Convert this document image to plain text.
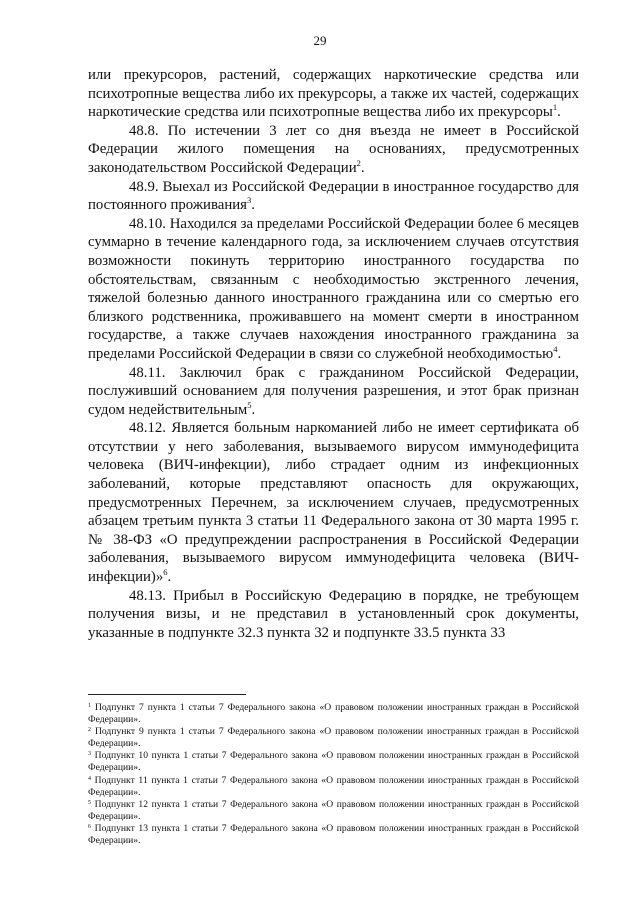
29

или прекурсоров, растений, содержащих наркотические средства или психотропные вещества либо их прекурсоры, а также их частей, содержащих наркотические средства или психотропные вещества либо их прекурсоры$^1$.

48.8. По истечении 3 лет со дня въезда не имеет в Российской Федерации жилого помещения на основаниях, предусмотренных законодательством Российской Федерации$^2$.

48.9. Выехал из Российской Федерации в иностранное государство для постоянного проживания$^3$.

48.10. Находился за пределами Российской Федерации более 6 месяцев суммарно в течение календарного года, за исключением случаев отсутствия возможности покинуть территорию иностранного государства по обстоятельствам, связанным с необходимостью экстренного лечения, тяжелой болезнью данного иностранного гражданина или со смертью его близкого родственника, проживавшего на момент смерти в иностранном государстве, а также случаев нахождения иностранного гражданина за пределами Российской Федерации в связи со служебной необходимостью$^4$.

48.11. Заключил брак с гражданином Российской Федерации, послуживший основанием для получения разрешения, и этот брак признан судом недействительным$^5$.

48.12. Является больным наркоманией либо не имеет сертификата об отсутствии у него заболевания, вызываемого вирусом иммунодефицита человека (ВИЧ-инфекции), либо страдает одним из инфекционных заболеваний, которые представляют опасность для окружающих, предусмотренных Перечнем, за исключением случаев, предусмотренных абзацем третьим пункта 3 статьи 11 Федерального закона от 30 марта 1995 г. № 38-ФЗ «О предупреждении распространения в Российской Федерации заболевания, вызываемого вирусом иммунодефицита человека (ВИЧ-инфекции)»$^6$.

48.13. Прибыл в Российскую Федерацию в порядке, не требующем получения визы, и не представил в установленный срок документы, указанные в подпункте 32.3 пункта 32 и подпункте 33.5 пункта 33

$^1$ Подпункт 7 пункта 1 статьи 7 Федерального закона «О правовом положении иностранных граждан в Российской Федерации».

$^2$ Подпункт 9 пункта 1 статьи 7 Федерального закона «О правовом положении иностранных граждан в Российской Федерации».

$^3$ Подпункт 10 пункта 1 статьи 7 Федерального закона «О правовом положении иностранных граждан в Российской Федерации».

$^4$ Подпункт 11 пункта 1 статьи 7 Федерального закона «О правовом положении иностранных граждан в Российской Федерации».

$^5$ Подпункт 12 пункта 1 статьи 7 Федерального закона «О правовом положении иностранных граждан в Российской Федерации».

$^6$ Подпункт 13 пункта 1 статьи 7 Федерального закона «О правовом положении иностранных граждан в Российской Федерации».
